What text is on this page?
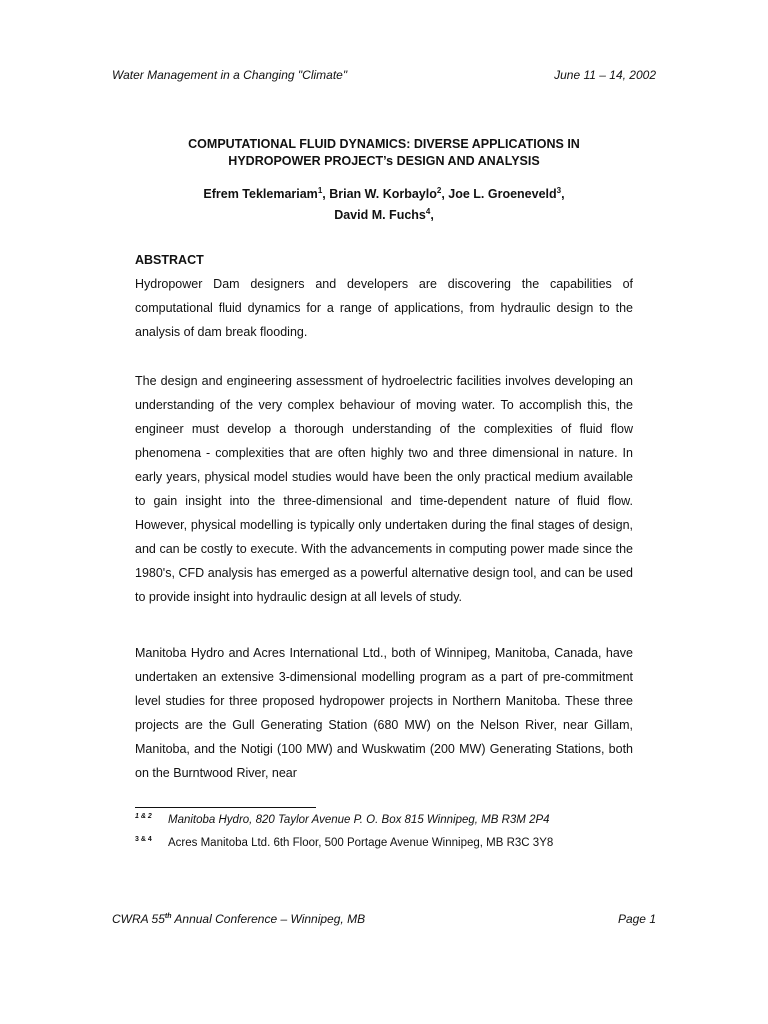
Water Management in a Changing "Climate"	June 11 – 14, 2002
COMPUTATIONAL FLUID DYNAMICS: DIVERSE APPLICATIONS IN
HYDROPOWER PROJECT’s DESIGN AND ANALYSIS
Efrem Teklemariam$^1$, Brian W. Korbaylo$^2$, Joe L. Groeneveld$^3$,
David M. Fuchs$^4$,
ABSTRACT

Hydropower Dam designers and developers are discovering the capabilities of computational fluid dynamics for a range of applications, from hydraulic design to the analysis of dam break flooding.

The design and engineering assessment of hydroelectric facilities involves developing an understanding of the very complex behaviour of moving water. To accomplish this, the engineer must develop a thorough understanding of the complexities of fluid flow phenomena - complexities that are often highly two and three dimensional in nature. In early years, physical model studies would have been the only practical medium available to gain insight into the three-dimensional and time-dependent nature of fluid flow. However, physical modelling is typically only undertaken during the final stages of design, and can be costly to execute. With the advancements in computing power made since the 1980's, CFD analysis has emerged as a powerful alternative design tool, and can be used to provide insight into hydraulic design at all levels of study.

Manitoba Hydro and Acres International Ltd., both of Winnipeg, Manitoba, Canada, have undertaken an extensive 3-dimensional modelling program as a part of pre-commitment level studies for three proposed hydropower projects in Northern Manitoba. These three projects are the Gull Generating Station (680 MW) on the Nelson River, near Gillam, Manitoba, and the Notigi (100 MW) and Wuskwatim (200 MW) Generating Stations, both on the Burntwood River, near

1 & 2 Manitoba Hydro, 820 Taylor Avenue P. O. Box 815 Winnipeg, MB R3M 2P4
3 & 4 Acres Manitoba Ltd. 6th Floor, 500 Portage Avenue Winnipeg, MB R3C 3Y8
CWRA 55th Annual Conference – Winnipeg, MB	Page 1
